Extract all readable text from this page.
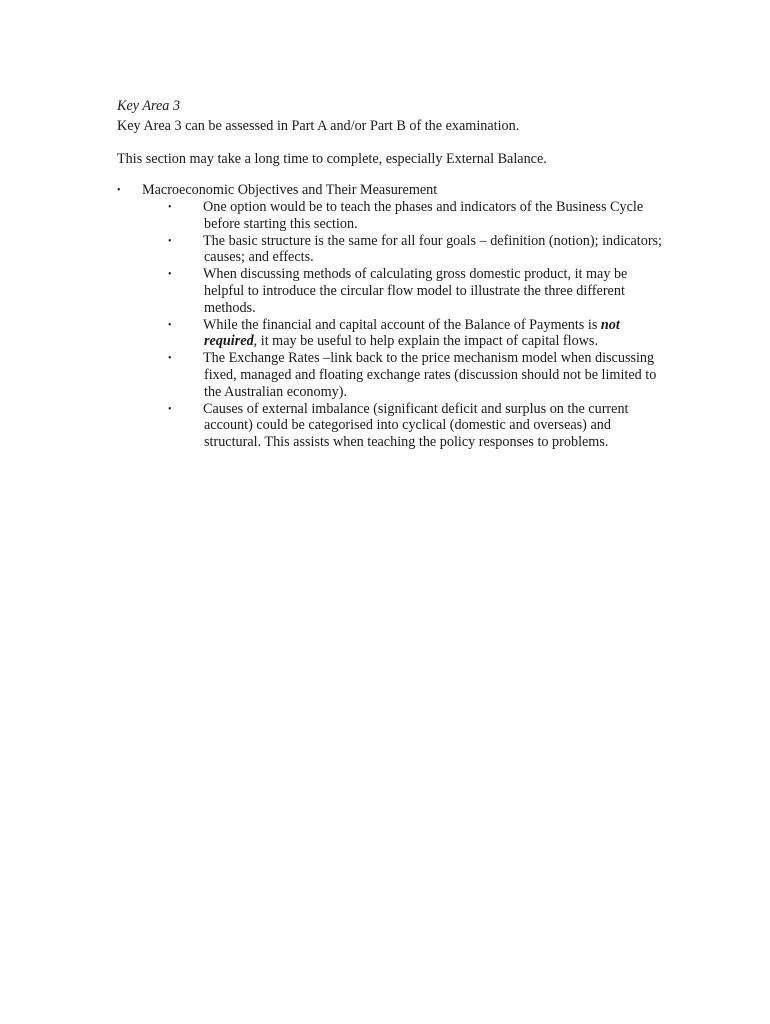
Key Area 3

Key Area 3 can be assessed in Part A and/or Part B of the examination.

This section may take a long time to complete, especially External Balance.

• Macroeconomic Objectives and Their Measurement
• One option would be to teach the phases and indicators of the Business Cycle before starting this section.
• The basic structure is the same for all four goals – definition (notion); indicators; causes; and effects.
• When discussing methods of calculating gross domestic product, it may be helpful to introduce the circular flow model to illustrate the three different methods.
• While the financial and capital account of the Balance of Payments is not required, it may be useful to help explain the impact of capital flows.
• The Exchange Rates –link back to the price mechanism model when discussing fixed, managed and floating exchange rates (discussion should not be limited to the Australian economy).
• Causes of external imbalance (significant deficit and surplus on the current account) could be categorised into cyclical (domestic and overseas) and structural. This assists when teaching the policy responses to problems.
